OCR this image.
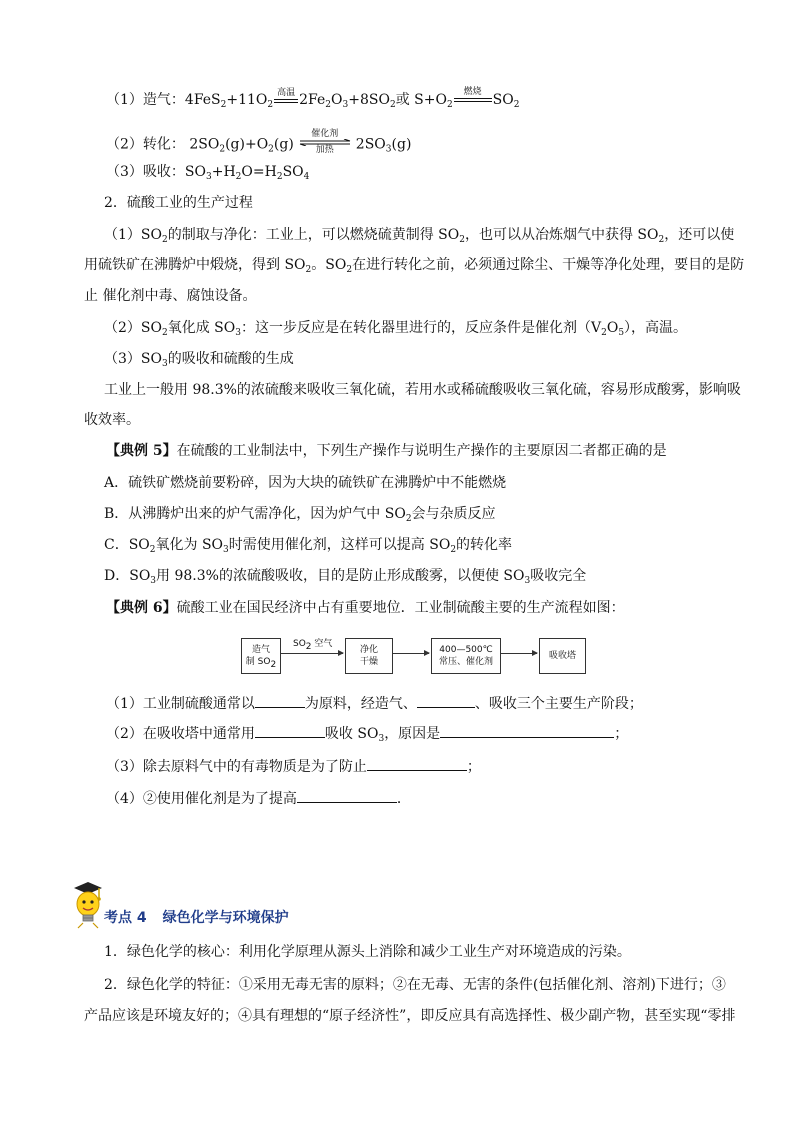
（1）造气：$4FeS_2+11O_2$
高温 $2Fe_2O_3+8SO_2$或 $S+O_2$
燃烧 $SO_2$
（2）转化： $2SO_2(g)+O_2(g)$
催化剂
加热	$2SO_3(g)$
（3）吸收：$SO_3+H_2O=H_2SO_4$
2．硫酸工业的生产过程
$(1)SO_2$的制取与净化：工业上，可以燃烧硫黄制得 $SO_2$，也可以从冶炼烟气中获得 $SO_2$，还可以使
用硫铁矿在沸腾炉中煅烧，得到 $SO_2$。$SO_2$在进行转化之前，必须通过除尘、干燥等净化处理，要目的是防
止 催化剂中毒、腐蚀设备。
$(2)SO_2$氧化成 $SO_3$：这一步反应是在转化器里进行的，反应条件是催化剂$(V_2O_5)$，高温。
$(3)SO_3$的吸收和硫酸的生成
工业上一般用 98.3%的浓硫酸来吸收三氧化硫，若用水或稀硫酸吸收三氧化硫，容易形成酸雾，影响吸
收效率。
【典例 5】在硫酸的工业制法中，下列生产操作与说明生产操作的主要原因二者都正确的是
A．硫铁矿燃烧前要粉碎，因为大块的硫铁矿在沸腾炉中不能燃烧
B．从沸腾炉出来的炉气需净化，因为炉气中 $SO_2$会与杂质反应
C．$SO_2$氧化为 $SO_3$时需使用催化剂，这样可以提高 $SO_2$的转化率
D．$SO_3$用 98.3%的浓硫酸吸收，目的是防止形成酸雾，以便使 $SO_3$吸收完全
【典例 6】硫酸工业在国民经济中占有重要地位．工业制硫酸主要的生产流程如图：
造气
制 $SO_2$
$SO_2$ 空气
净化
干燥
400—500℃
常压、催化剂
吸收塔
（1）工业制硫酸通常以	为原料，经造气、	、吸收三个主要生产阶段；
（2）在吸收塔中通常用	吸收 $SO_3$，原因是	；
（3）除去原料气中的有毒物质是为了防止	；
（4）②使用催化剂是为了提高	．
考点 4 绿色化学与环境保护
1．绿色化学的核心：利用化学原理从源头上消除和减少工业生产对环境造成的污染。
2．绿色化学的特征：①采用无毒无害的原料；②在无毒、无害的条件(包括催化剂、溶剂)下进行；③
产品应该是环境友好的；④具有理想的“原子经济性”，即反应具有高选择性、极少副产物，甚至实现“零排
